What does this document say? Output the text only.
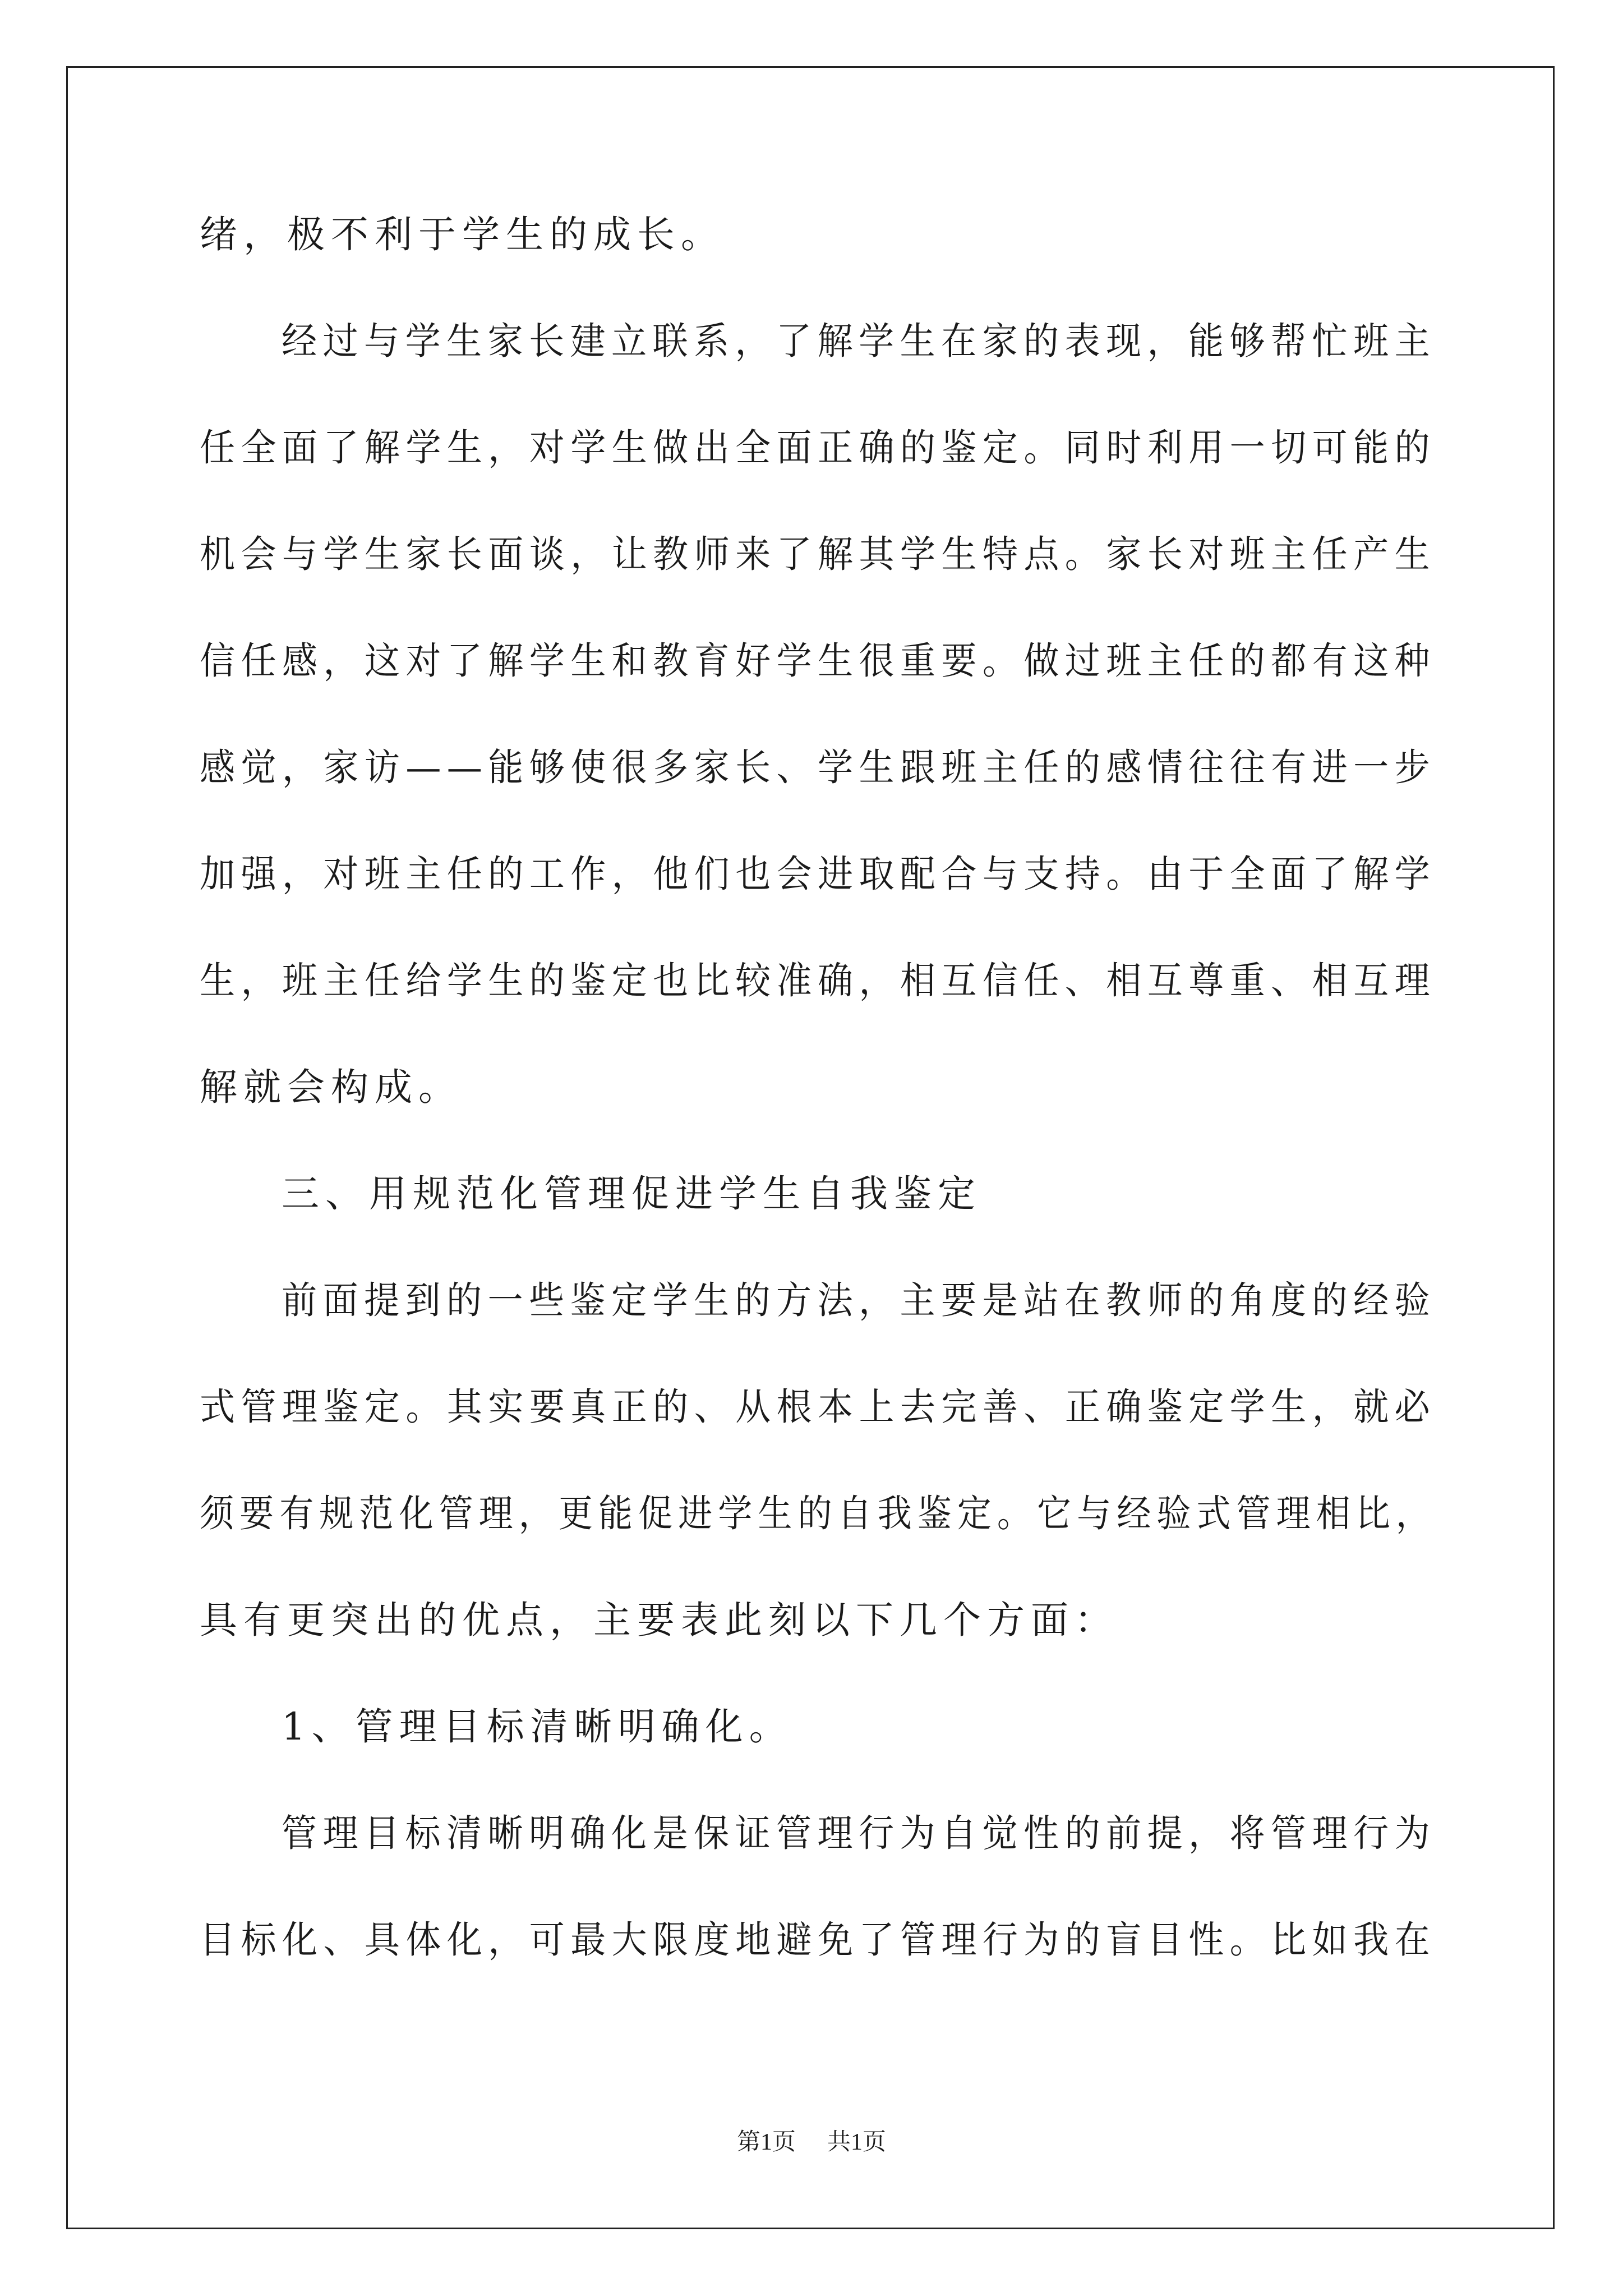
绪，极不利于学生的成长。

经过与学生家长建立联系，了解学生在家的表现，能够帮忙班主

任全面了解学生，对学生做出全面正确的鉴定。同时利用一切可能的

机会与学生家长面谈，让教师来了解其学生特点。家长对班主任产生

信任感，这对了解学生和教育好学生很重要。做过班主任的都有这种

感觉，家访——能够使很多家长、学生跟班主任的感情往往有进一步

加强，对班主任的工作，他们也会进取配合与支持。由于全面了解学

生，班主任给学生的鉴定也比较准确，相互信任、相互尊重、相互理

解就会构成。

三、用规范化管理促进学生自我鉴定

前面提到的一些鉴定学生的方法，主要是站在教师的角度的经验

式管理鉴定。其实要真正的、从根本上去完善、正确鉴定学生，就必

须要有规范化管理，更能促进学生的自我鉴定。它与经验式管理相比，

具有更突出的优点，主要表此刻以下几个方面：

1、管理目标清晰明确化。

管理目标清晰明确化是保证管理行为自觉性的前提，将管理行为

目标化、具体化，可最大限度地避免了管理行为的盲目性。比如我在

第1页 共1页
